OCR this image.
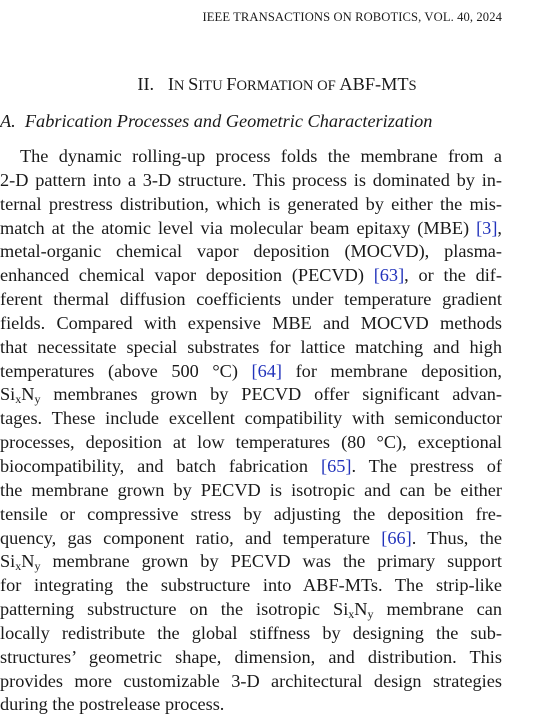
IEEE TRANSACTIONS ON ROBOTICS, VOL. 40, 2024
II. IN SITU FORMATION OF ABF-MTS
A. Fabrication Processes and Geometric Characterization
The dynamic rolling-up process folds the membrane from a
2-D pattern into a 3-D structure. This process is dominated by in-
ternal prestress distribution, which is generated by either the mis-
match at the atomic level via molecular beam epitaxy (MBE) [3],
metal-organic chemical vapor deposition (MOCVD), plasma-
enhanced chemical vapor deposition (PECVD) [63], or the dif-
ferent thermal diffusion coefficients under temperature gradient
fields. Compared with expensive MBE and MOCVD methods
that necessitate special substrates for lattice matching and high
temperatures (above 500 °C) [64] for membrane deposition,
$Si_xN_y$ membranes grown by PECVD offer significant advan-
tages. These include excellent compatibility with semiconductor
processes, deposition at low temperatures (80 °C), exceptional
biocompatibility, and batch fabrication [65]. The prestress of
the membrane grown by PECVD is isotropic and can be either
tensile or compressive stress by adjusting the deposition fre-
quency, gas component ratio, and temperature [66]. Thus, the
$Si_xN_y$ membrane grown by PECVD was the primary support
for integrating the substructure into ABF-MTs. The strip-like
patterning substructure on the isotropic $Si_xN_y$ membrane can
locally redistribute the global stiffness by designing the sub-
structures’ geometric shape, dimension, and distribution. This
provides more customizable 3-D architectural design strategies
during the postrelease process.
